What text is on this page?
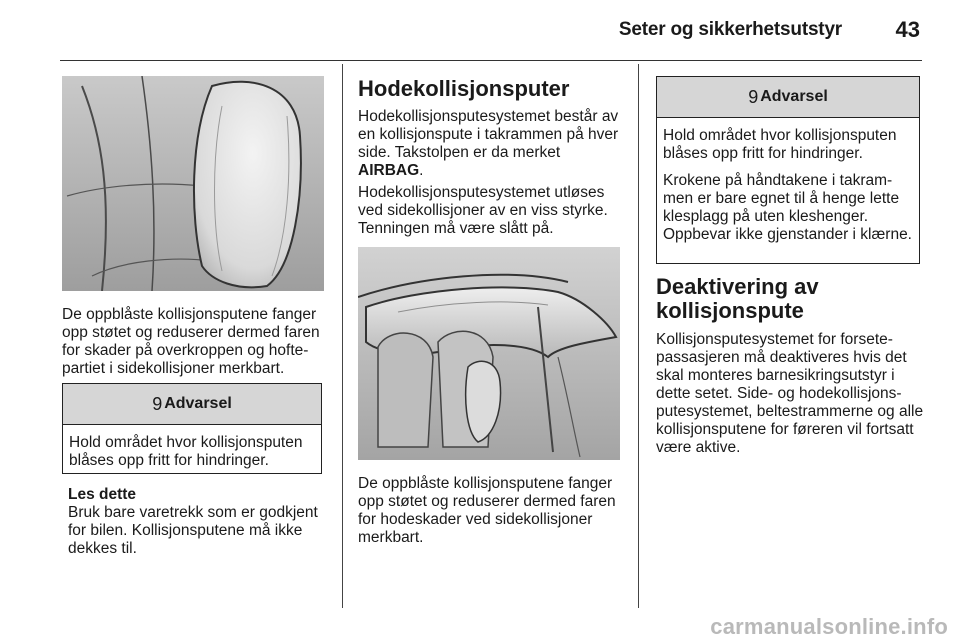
Seter og sikkerhetsutstyr 43

De oppblåste kollisjonsputene fanger opp støtet og reduserer dermed faren for skader på overkroppen og hoftepartiet i sidekollisjoner merkbart.

9 Advarsel

Hold området hvor kollisjonsputen blåses opp fritt for hindringer.

Les dette
Bruk bare varetrekk som er godkjent for bilen. Kollisjonsputene må ikke dekkes til.
Hodekollisjonsputer

Hodekollisjonsputesystemet består av en kollisjonspute i takrammen på hver side. Takstolpen er da merket AIRBAG.

Hodekollisjonsputesystemet utløses ved sidekollisjoner av en viss styrke. Tenningen må være slått på.

De oppblåste kollisjonsputene fanger opp støtet og reduserer dermed faren for hodeskader ved sidekollisjoner merkbart.

9 Advarsel

Hold området hvor kollisjonsputen blåses opp fritt for hindringer.

Krokene på håndtakene i takrammen er bare egnet til å henge lette klesplagg på uten kleshenger. Oppbevar ikke gjenstander i klærne.

Deaktivering av kollisjonspute

Kollisjonsputesystemet for forsetepassasjeren må deaktiveres hvis det skal monteres barnesikringsutstyr i dette setet. Side- og hodekollisjonsputesystemet, beltestrammerne og alle kollisjonsputene for føreren vil fortsatt være aktive.

carmanualsonline.info
